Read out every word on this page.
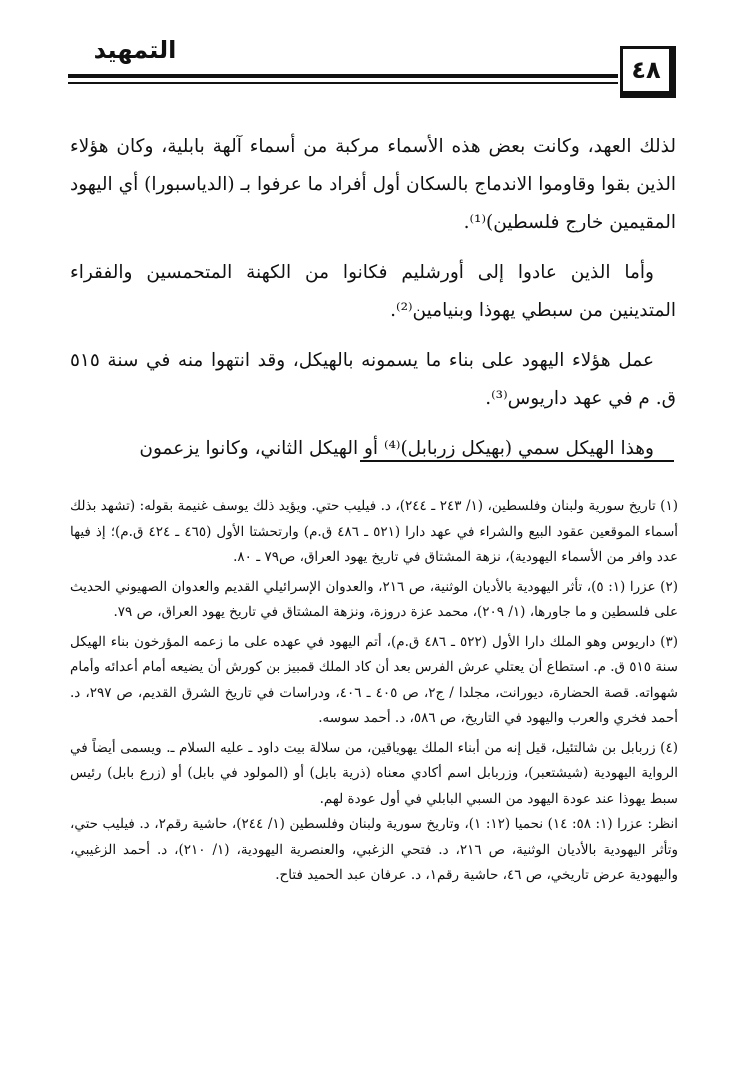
التمهيد
٤٨

لذلك العهد، وكانت بعض هذه الأسماء مركبة من أسماء آلهة بابلية، وكان هؤلاء الذين بقوا وقاوموا الاندماج بالسكان أول أفراد ما عرفوا بـ (الدياسبورا) أي اليهود المقيمين خارج فلسطين)⁽¹⁾.

وأما الذين عادوا إلى أورشليم فكانوا من الكهنة المتحمسين والفقراء المتدينين من سبطي يهوذا وبنيامين⁽²⁾.

عمل هؤلاء اليهود على بناء ما يسمونه بالهيكل، وقد انتهوا منه في سنة ٥١٥ ق. م في عهد داريوس⁽³⁾.

وهذا الهيكل سمي (بهيكل زربابل)⁽⁴⁾ أو الهيكل الثاني، وكانوا يزعمون

(١) تاريخ سورية ولبنان وفلسطين، (١/ ٢٤٣ ـ ٢٤٤)، د. فيليب حتي. ويؤيد ذلك يوسف غنيمة بقوله: (تشهد بذلك أسماء الموقعين عقود البيع والشراء في عهد دارا (٥٢١ ـ ٤٨٦ ق.م) وارتحشتا الأول (٤٦٥ ـ ٤٢٤ ق.م)؛ إذ فيها عدد وافر من الأسماء اليهودية)، نزهة المشتاق في تاريخ يهود العراق، ص٧٩ ـ ٨٠.

(٢) عزرا (١: ٥)، تأثر اليهودية بالأديان الوثنية، ص ٢١٦، والعدوان الإسرائيلي القديم والعدوان الصهيوني الحديث على فلسطين و ما جاورها، (١/ ٢٠٩)، محمد عزة دروزة، ونزهة المشتاق في تاريخ يهود العراق، ص ٧٩.

(٣) داريوس وهو الملك دارا الأول (٥٢٢ ـ ٤٨٦ ق.م)، أتم اليهود في عهده على ما زعمه المؤرخون بناء الهيكل سنة ٥١٥ ق. م. استطاع أن يعتلي عرش الفرس بعد أن كاد الملك قمبيز بن كورش أن يضيعه أمام أعدائه وأمام شهواته. قصة الحضارة، ديورانت، مجلدا / ج٢، ص ٤٠٥ ـ ٤٠٦، ودراسات في تاريخ الشرق القديم، ص ٢٩٧، د. أحمد فخري والعرب واليهود في التاريخ، ص ٥٨٦، د. أحمد سوسه.

(٤) زربابل بن شالتئيل، قيل إنه من أبناء الملك يهوياقين، من سلالة بيت داود ـ عليه السلام ـ. ويسمى أيضاً في الرواية اليهودية (شيشتعبر)، وزربابل اسم أكادي معناه (ذرية بابل) أو (المولود في بابل) أو (زرع بابل) رئيس سبط يهوذا عند عودة اليهود من السبي البابلي في أول عودة لهم.

انظر: عزرا (١: ٥٨: ١٤) نحميا (١٢: ١)، وتاريخ سورية ولبنان وفلسطين (١/ ٢٤٤)، حاشية رقم٢، د. فيليب حتي، وتأثر اليهودية بالأديان الوثنية، ص ٢١٦، د. فتحي الزغبي، والعنصرية اليهودية، (١/ ٢١٠)، د. أحمد الزغيبي، واليهودية عرض تاريخي، ص ٤٦، حاشية رقم١، د. عرفان عبد الحميد فتاح.
